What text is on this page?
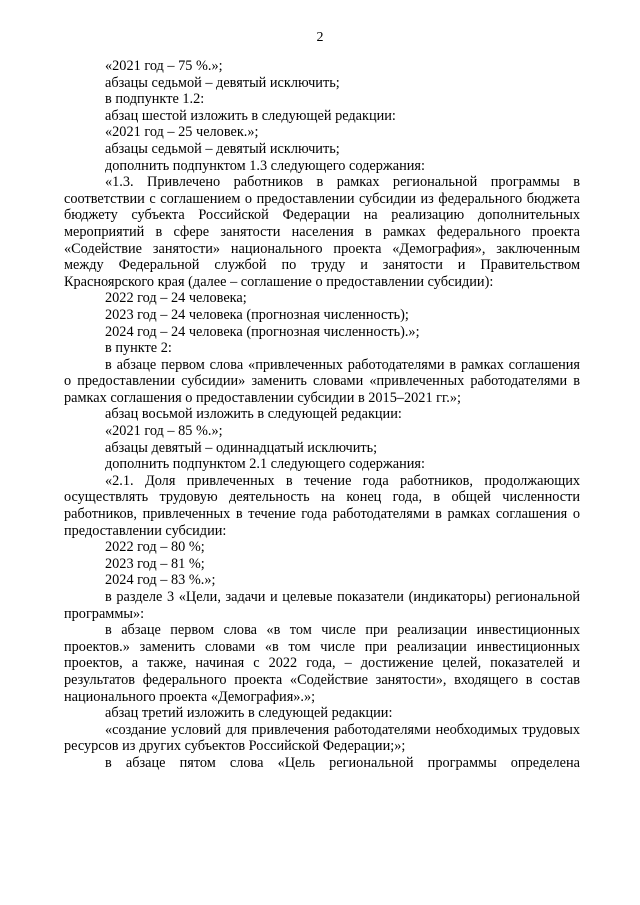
2

«2021 год – 75 %.»;

абзацы седьмой – девятый исключить;

в подпункте 1.2:

абзац шестой изложить в следующей редакции:

«2021 год – 25 человек.»;

абзацы седьмой – девятый исключить;

дополнить подпунктом 1.3 следующего содержания:

«1.3. Привлечено работников в рамках региональной программы в соответствии с соглашением о предоставлении субсидии из федерального бюджета бюджету субъекта Российской Федерации на реализацию дополнительных мероприятий в сфере занятости населения в рамках федерального проекта «Содействие занятости» национального проекта «Демография», заключенным между Федеральной службой по труду и занятости и Правительством Красноярского края (далее – соглашение о предоставлении субсидии):

2022 год – 24 человека;

2023 год – 24 человека (прогнозная численность);

2024 год – 24 человека (прогнозная численность).»;

в пункте 2:

в абзаце первом слова «привлеченных работодателями в рамках соглашения о предоставлении субсидии» заменить словами «привлеченных работодателями в рамках соглашения о предоставлении субсидии в 2015–2021 гг.»;

абзац восьмой изложить в следующей редакции:

«2021 год – 85 %.»;

абзацы девятый – одиннадцатый исключить;

дополнить подпунктом 2.1 следующего содержания:

«2.1. Доля привлеченных в течение года работников, продолжающих осуществлять трудовую деятельность на конец года, в общей численности работников, привлеченных в течение года работодателями в рамках соглашения о предоставлении субсидии:

2022 год – 80 %;

2023 год – 81 %;

2024 год – 83 %.»;

в разделе 3 «Цели, задачи и целевые показатели (индикаторы) региональной программы»:

в абзаце первом слова «в том числе при реализации инвестиционных проектов.» заменить словами «в том числе при реализации инвестиционных проектов, а также, начиная с 2022 года, – достижение целей, показателей и результатов федерального проекта «Содействие занятости», входящего в состав национального проекта «Демография».»;

абзац третий изложить в следующей редакции:

«создание условий для привлечения работодателями необходимых трудовых ресурсов из других субъектов Российской Федерации;»;

в абзаце пятом слова «Цель региональной программы определена
